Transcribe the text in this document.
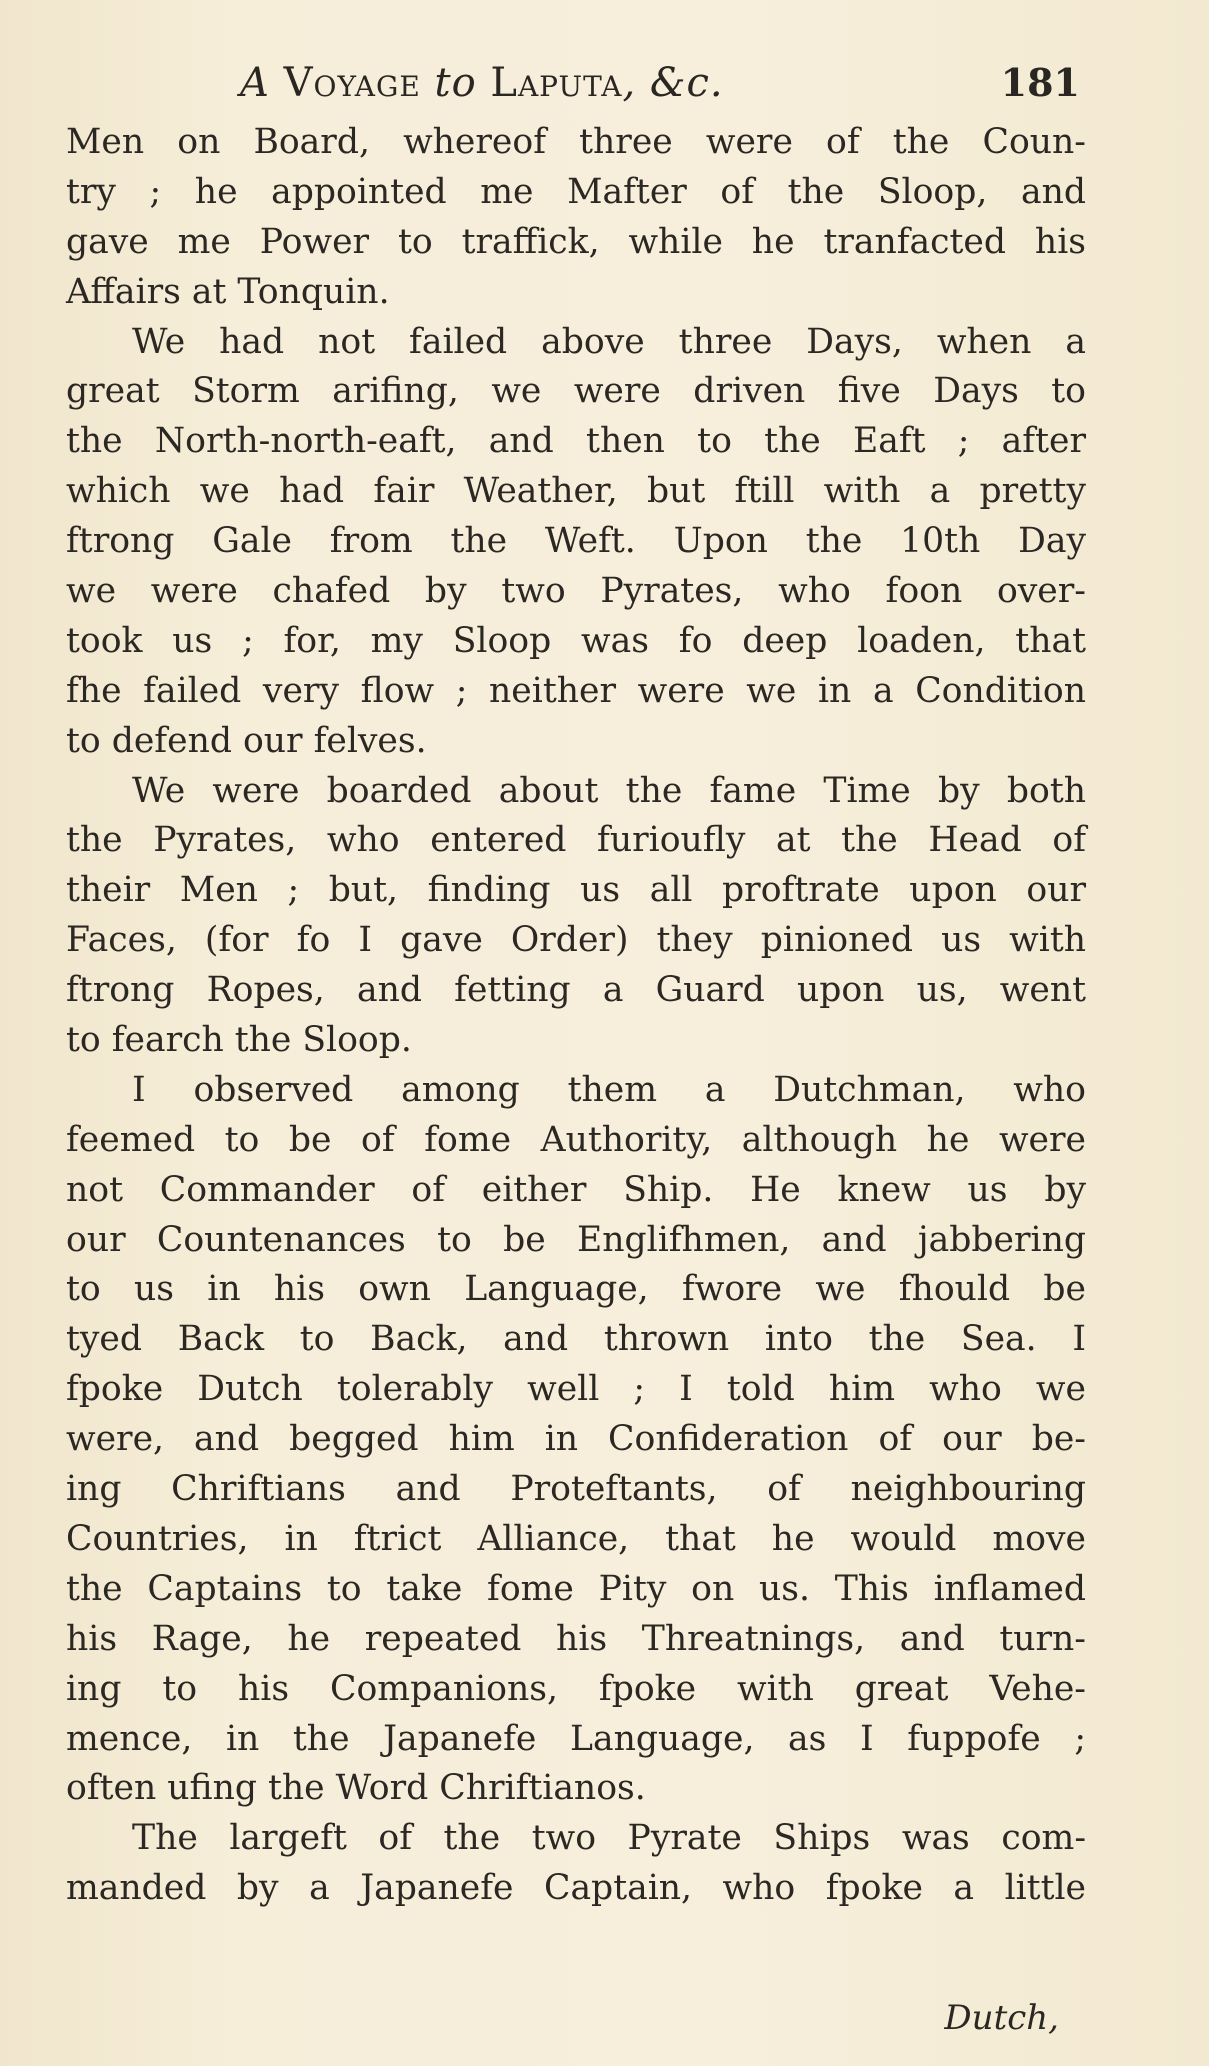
A Voyage to Laputa, &c.	181
Men on Board, whereof three were of the Coun-
try ; he appointed me Mafter of the Sloop, and
gave me Power to traffick, while he tranfacted his
Affairs at Tonquin.
We had not failed above three Days, when a
great Storm arifing, we were driven five Days to
the North-north-eaft, and then to the Eaft ; after
which we had fair Weather, but ftill with a pretty
ftrong Gale from the Weft. Upon the 10th Day
we were chafed by two Pyrates, who foon over-
took us ; for, my Sloop was fo deep loaden, that
fhe failed very flow ; neither were we in a Condition
to defend our felves.
We were boarded about the fame Time by both
the Pyrates, who entered furioufly at the Head of
their Men ; but, finding us all proftrate upon our
Faces, (for fo I gave Order) they pinioned us with
ftrong Ropes, and fetting a Guard upon us, went
to fearch the Sloop.
I observed among them a Dutchman, who
feemed to be of fome Authority, although he were
not Commander of either Ship. He knew us by
our Countenances to be Englifhmen, and jabbering
to us in his own Language, fwore we fhould be
tyed Back to Back, and thrown into the Sea. I
fpoke Dutch tolerably well ; I told him who we
were, and begged him in Confideration of our be-
ing Chriftians and Proteftants, of neighbouring
Countries, in ftrict Alliance, that he would move
the Captains to take fome Pity on us. This inflamed
his Rage, he repeated his Threatnings, and turn-
ing to his Companions, fpoke with great Vehe-
mence, in the Japanefe Language, as I fuppofe ;
often ufing the Word Chriftianos.
The largeft of the two Pyrate Ships was com-
manded by a Japanefe Captain, who fpoke a little
Dutch,
